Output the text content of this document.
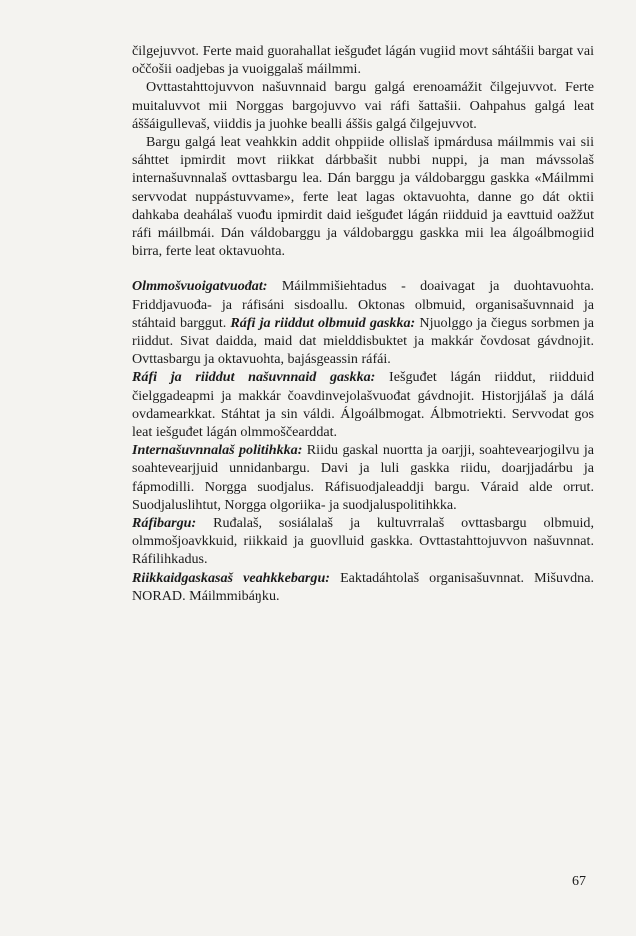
čilgejuvvot. Ferte maid guorahallat iešguđet lágán vugiid movt sáhtášii bargat vai oččošii oadjebas ja vuoiggalaš máilmmi.

Ovttastahttojuvvon našuvnnaid bargu galgá erenoamážit čilgejuvvot. Ferte muitaluvvot mii Norggas bargojuvvo vai ráfi šattašii. Oahpahus galgá leat áššáigullevaš, viiddis ja juohke bealli áššis galgá čilgejuvvot.

Bargu galgá leat veahkkin addit ohppiide ollislaš ipmárdusa máilmmis vai sii sáhttet ipmirdit movt riikkat dárbbašit nubbi nuppi, ja man mávssolaš internašuvnnalaš ovttasbargu lea. Dán barggu ja váldobarggu gaskka «Máilmmi servvodat nuppástuvvame», ferte leat lagas oktavuohta, danne go dát oktii dahkaba deahálaš vuođu ipmirdit daid iešguđet lágán riidduid ja eavttuid oažžut ráfi máilbmái. Dán váldobarggu ja váldobarggu gaskka mii lea álgoálbmogiid birra, ferte leat oktavuohta.

Olmmošvuoigatvuođat: Máilmmišiehtadus - doaivagat ja duohtavuohta. Friddjavuođa- ja ráfisáni sisdoallu. Oktonas olbmuid, organisašuvnnaid ja stáhtaid barggut. Ráfi ja riiddut olbmuid gaskka: Njuolggo ja čiegus sorbmen ja riiddut. Sivat daidda, maid dat mielddisbuktet ja makkár čovdosat gávdnojit. Ovttasbargu ja oktavuohta, bajásgeassin ráfái.

Ráfi ja riiddut našuvnnaid gaskka: Iešguđet lágán riiddut, riidduid čielggadeapmi ja makkár čoavdinvejolašvuođat gávdnojit. Historjjálaš ja dálá ovdamearkkat. Stáhtat ja sin váldi. Álgoálbmogat. Álbmotriekti. Servvodat gos leat iešguđet lágán olmmoščearddat.

Internašuvnnalaš politihkka: Riidu gaskal nuortta ja oarjji, soahtevearjogilvu ja soahtevearjjuid unnidanbargu. Davi ja luli gaskka riidu, doarjjadárbu ja fápmodilli. Norgga suodjalus. Ráfisuodjaleaddji bargu. Váraid alde orrut. Suodjaluslihtut, Norgga olgoriika- ja suodjaluspolitihkka.

Ráfibargu: Ruđalaš, sosiálalaš ja kultuvrralaš ovttasbargu olbmuid, olmmošjoavkkuid, riikkaid ja guovlluid gaskka. Ovttastahttojuvvon našuvnnat. Ráfilihkadus.

Riikkaidgaskasaš veahkkebargu: Eaktadáhtolaš organisašuvnnat. Mišuvdna. NORAD. Máilmmibáŋku.

67
